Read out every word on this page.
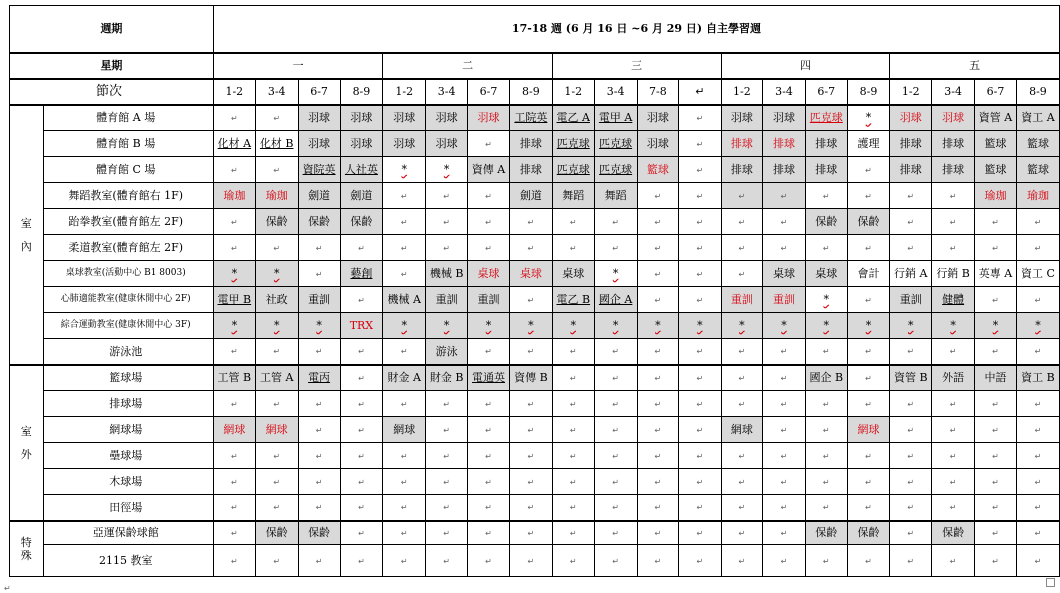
週期		17-18 週 (6 月 16 日 ~6 月 29 日) 自主學習週																			
星期		一				二				三				四				五			
節次		1-2	3-4	6-7	8-9	1-2	3-4	6-7	8-9	1-2	3-4	7-8	↵	1-2	3-4	6-7	8-9	1-2	3-4	6-7	8-9

室
內	體育館 A 場	↵	↵	羽球	羽球	羽球	羽球	羽球	工院英	電乙 A	電甲 A	羽球	↵	羽球	羽球	匹克球	*	羽球	羽球	資管 A	資工 A
	體育館 B 場	化材 A	化材 B	羽球	羽球	羽球	羽球	↵	排球	匹克球	匹克球	羽球	↵	排球	排球	排球	護理	排球	排球	籃球	籃球
	體育館 C 場	↵	↵	資院英	人社英	*	*	資傳 A	排球	匹克球	匹克球	籃球	↵	排球	排球	排球	↵	排球	排球	籃球	籃球
	舞蹈教室(體育館右 1F)	瑜珈	瑜珈	劍道	劍道	↵	↵	↵	劍道	舞蹈	舞蹈	↵	↵	↵	↵	↵	↵	↵	↵	瑜珈	瑜珈
	跆拳教室(體育館左 2F)	↵	保齡	保齡	保齡	↵	↵	↵	↵	↵	↵	↵	↵	↵	↵	保齡	保齡	↵	↵	↵	↵
	柔道教室(體育館左 2F)	↵	↵	↵	↵	↵	↵	↵	↵	↵	↵	↵	↵	↵	↵	↵	↵	↵	↵	↵	↵
	桌球教室(活動中心 B1 8003)	*	*	↵	藝創	↵	機械 B	桌球	桌球	桌球	*	↵	↵	↵	桌球	桌球	會計	行銷 A	行銷 B	英專 A	資工 C
	心肺適能教室(健康休閒中心 2F)	電甲 B	社政	重訓	↵	機械 A	重訓	重訓	↵	電乙 B	國企 A	↵	↵	重訓	重訓	*	↵	重訓	健體	↵	↵
	綜合運動教室(健康休閒中心 3F)	*	*	*	TRX	*	*	*	*	*	*	*	*	*	*	*	*	*	*	*	*
	游泳池	↵	↵	↵	↵	↵	游泳	↵	↵	↵	↵	↵	↵	↵	↵	↵	↵	↵	↵	↵	↵

室
外	籃球場	工管 B	工管 A	電丙	↵	財金 A	財金 B	電通英	資傳 B	↵	↵	↵	↵	↵	↵	國企 B	↵	資管 B	外語	中語	資工 B
	排球場	↵	↵	↵	↵	↵	↵	↵	↵	↵	↵	↵	↵	↵	↵	↵	↵	↵	↵	↵	↵
	網球場	網球	網球	↵	↵	網球	↵	↵	↵	↵	↵	↵	↵	網球	↵	↵	網球	↵	↵	↵	↵
	壘球場	↵	↵	↵	↵	↵	↵	↵	↵	↵	↵	↵	↵	↵	↵	↵	↵	↵	↵	↵	↵
	木球場	↵	↵	↵	↵	↵	↵	↵	↵	↵	↵	↵	↵	↵	↵	↵	↵	↵	↵	↵	↵
	田徑場	↵	↵	↵	↵	↵	↵	↵	↵	↵	↵	↵	↵	↵	↵	↵	↵	↵	↵	↵	↵

特
殊	亞運保齡球館	↵	保齡	保齡	↵	↵	↵	↵	↵	↵	↵	↵	↵	↵	↵	保齡	保齡	↵	保齡	↵	↵
	2115 教室	↵	↵	↵	↵	↵	↵	↵	↵	↵	↵	↵	↵	↵	↵	↵	↵	↵	↵	↵	↵
↵
